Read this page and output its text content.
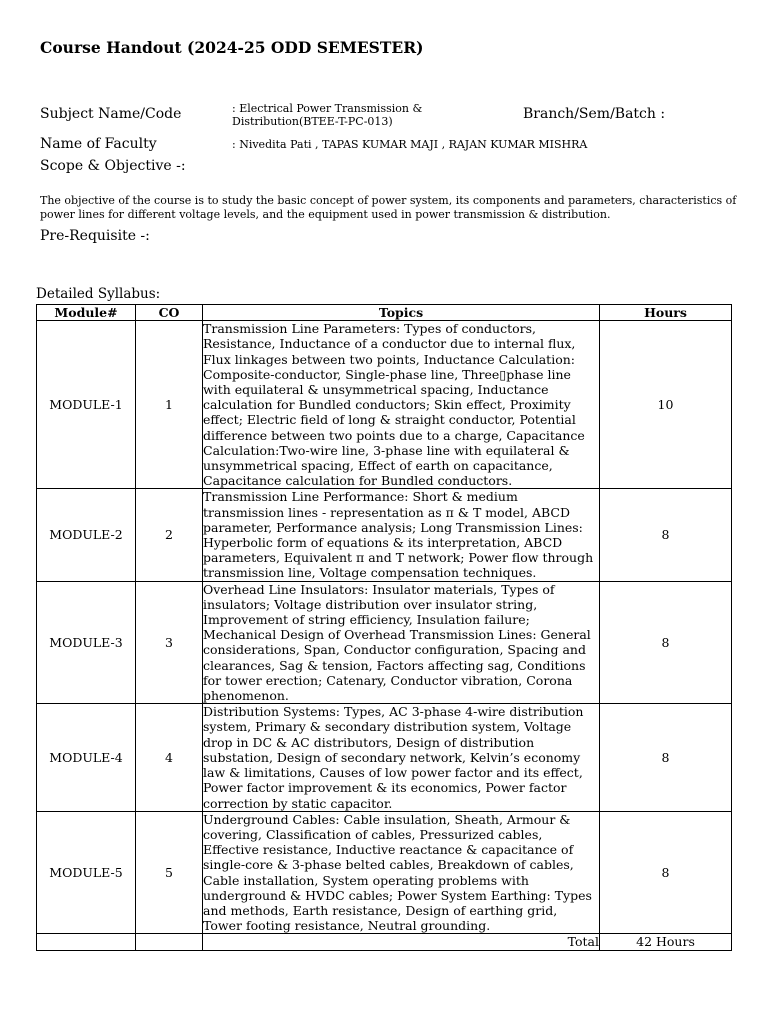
Course Handout (2024-25 ODD SEMESTER)
Subject Name/Code	: Electrical Power Transmission &
Distribution(BTEE-T-PC-013)	Branch/Sem/Batch :
Name of Faculty	: Nivedita Pati , TAPAS KUMAR MAJI , RAJAN KUMAR MISHRA
Scope & Objective -:
The objective of the course is to study the basic concept of power system, its components and parameters, characteristics of power lines for different voltage levels, and the equipment used in power transmission & distribution.
Pre-Requisite -:
Detailed Syllabus:
Module#	CO	Topics	Hours
MODULE-1	1	Transmission Line Parameters: Types of conductors, Resistance, Inductance of a conductor due to internal flux, Flux linkages between two points, Inductance Calculation: Composite-conductor, Single-phase line, Three▯phase line with equilateral & unsymmetrical spacing, Inductance calculation for Bundled conductors; Skin effect, Proximity effect; Electric field of long & straight conductor, Potential difference between two points due to a charge, Capacitance Calculation:Two-wire line, 3-phase line with equilateral & unsymmetrical spacing, Effect of earth on capacitance, Capacitance calculation for Bundled conductors.	10
MODULE-2	2	Transmission Line Performance: Short & medium transmission lines - representation as π & T model, ABCD parameter, Performance analysis; Long Transmission Lines: Hyperbolic form of equations & its interpretation, ABCD parameters, Equivalent π and T network; Power flow through transmission line, Voltage compensation techniques.	8
MODULE-3	3	Overhead Line Insulators: Insulator materials, Types of insulators; Voltage distribution over insulator string, Improvement of string efficiency, Insulation failure; Mechanical Design of Overhead Transmission Lines: General considerations, Span, Conductor configuration, Spacing and clearances, Sag & tension, Factors affecting sag, Conditions for tower erection; Catenary, Conductor vibration, Corona phenomenon.	8
MODULE-4	4	Distribution Systems: Types, AC 3-phase 4-wire distribution system, Primary & secondary distribution system, Voltage drop in DC & AC distributors, Design of distribution substation, Design of secondary network, Kelvin’s economy law & limitations, Causes of low power factor and its effect, Power factor improvement & its economics, Power factor correction by static capacitor.	8
MODULE-5	5	Underground Cables: Cable insulation, Sheath, Armour & covering, Classification of cables, Pressurized cables, Effective resistance, Inductive reactance & capacitance of single-core & 3-phase belted cables, Breakdown of cables, Cable installation, System operating problems with underground & HVDC cables; Power System Earthing: Types and methods, Earth resistance, Design of earthing grid, Tower footing resistance, Neutral grounding.	8
		Total	42 Hours
